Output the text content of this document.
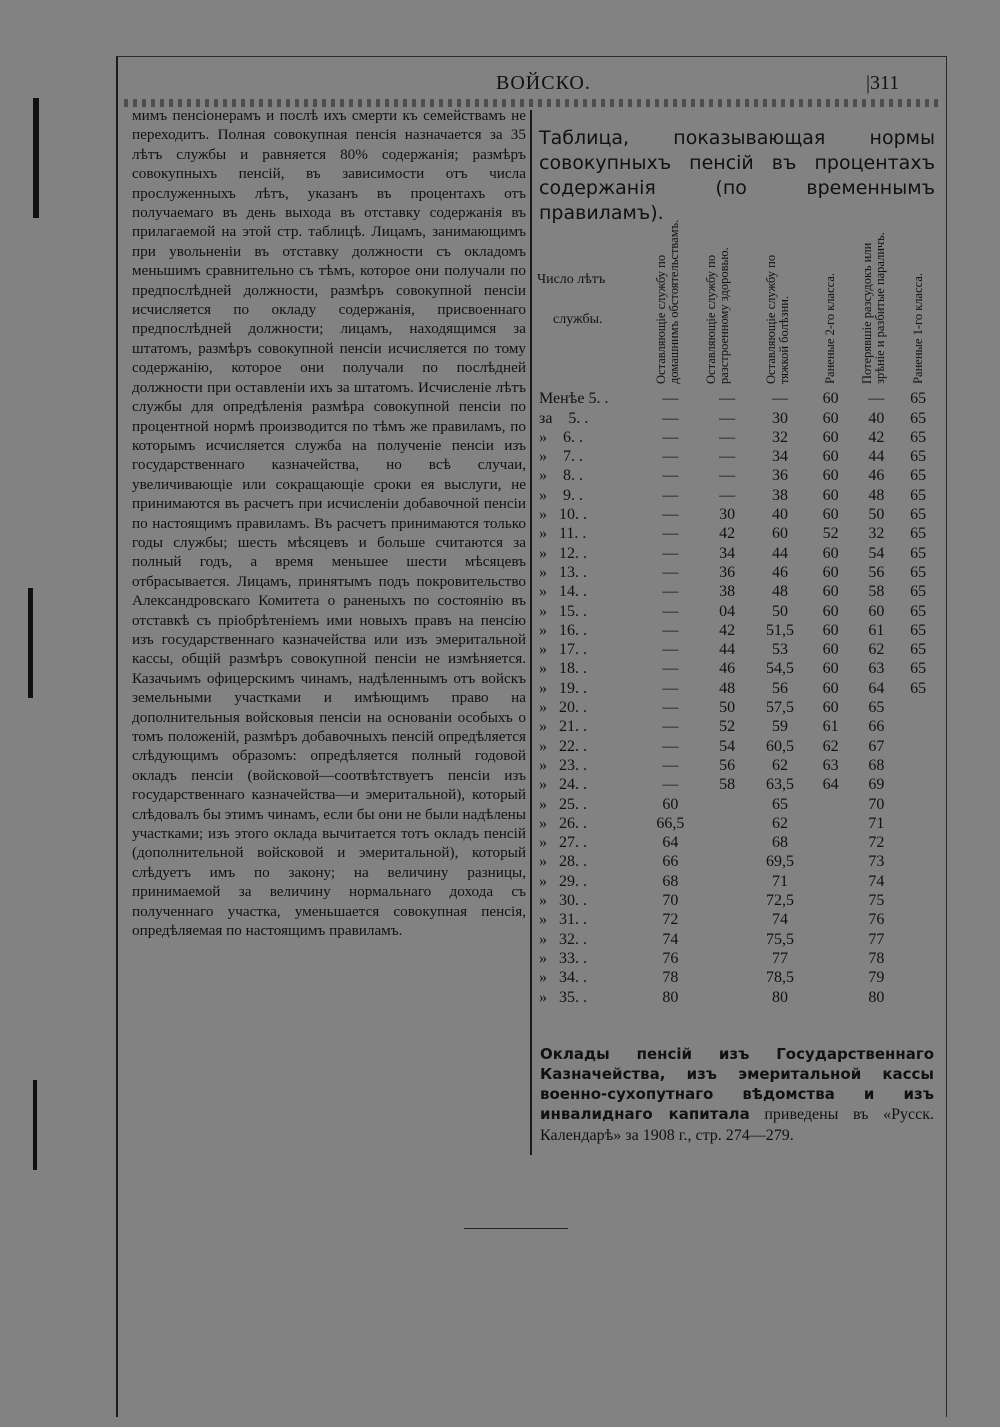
ВОЙСКО.	|311

мимъ пенсіонерамъ и послѣ ихъ смерти къ семействамъ не переходитъ. Полная совокупная пенсія назначается за 35 лѣтъ службы и равняется 80% содержанія; размѣръ совокупныхъ пенсій, въ зависимости отъ числа прослуженныхъ лѣтъ, указанъ въ процентахъ отъ получаемаго въ день выхода въ отставку содержанія въ прилагаемой на этой стр. таблицѣ. Лицамъ, занимающимъ при увольненіи въ отставку должности съ окладомъ меньшимъ сравнительно съ тѣмъ, которое они получали по предпослѣдней должности, размѣръ совокупной пенсіи исчисляется по окладу содержанія, присвоеннаго предпослѣдней должности; лицамъ, находящимся за штатомъ, размѣръ совокупной пенсіи исчисляется по тому содержанію, которое они получали по послѣдней должности при оставленіи ихъ за штатомъ. Исчисленіе лѣтъ службы для опредѣленія размѣра совокупной пенсіи по процентной нормѣ производится по тѣмъ же правиламъ, по которымъ исчисляется служба на полученіе пенсіи изъ государственнаго казначейства, но всѣ случаи, увеличивающіе или сокращающіе сроки ея выслуги, не принимаются въ расчетъ при исчисленіи добавочной пенсіи по настоящимъ правиламъ. Въ расчетъ принимаются только годы службы; шесть мѣсяцевъ и больше считаются за полный годъ, а время меньшее шести мѣсяцевъ отбрасывается. Лицамъ, принятымъ подъ покровительство Александровскаго Комитета о раненыхъ по состоянію въ отставкѣ съ пріобрѣтеніемъ ими новыхъ правъ на пенсію изъ государственнаго казначейства или изъ эмеритальной кассы, общій размѣръ совокупной пенсіи не измѣняется. Казачьимъ офицерскимъ чинамъ, надѣленнымъ отъ войскъ земельными участками и имѣющимъ право на дополнительныя войсковыя пенсіи на основаніи особыхъ о томъ положеній, размѣръ добавочныхъ пенсій опредѣляется слѣдующимъ образомъ: опредѣляется полный годовой окладъ пенсіи (войсковой—соотвѣтствуетъ пенсіи изъ государственнаго казначейства—и эмеритальной), который слѣдовалъ бы этимъ чинамъ, если бы они не были надѣлены участками; изъ этого оклада вычитается тотъ окладъ пенсій (дополнительной войсковой и эмеритальной), который слѣдуетъ имъ по закону; на величину разницы, принимаемой за величину нормальнаго дохода съ полученнаго участка, уменьшается совокупная пенсія, опредѣляемая по настоящимъ правиламъ.

Таблица, показывающая нормы совокупныхъ пенсій въ процентахъ содержанія (по временнымъ правиламъ).
Число лѣтъ
службы.	Оставляющіе службу по домашнимъ обстоятельствамъ.	Оставляющіе службу по разстроенному здоровью.	Оставляющіе службу по тяжкой болѣзни.	Раненые 2-го класса.	Потерявшіе разсудокъ или зрѣніе и разбитые параличъ.	Раненые 1-го класса.
Менѣе 5. .	—	—	—	60	—	65
за    5. .	—	—	30	60	40	65
»    6. .	—	—	32	60	42	65
»    7. .	—	—	34	60	44	65
»    8. .	—	—	36	60	46	65
»    9. .	—	—	38	60	48	65
»   10. .	—	30	40	60	50	65
»   11. .	—	42	60	52	32	65
»   12. .	—	34	44	60	54	65
»   13. .	—	36	46	60	56	65
»   14. .	—	38	48	60	58	65
»   15. .	—	04	50	60	60	65
»   16. .	—	42	51,5	60	61	65
»   17. .	—	44	53	60	62	65
»   18. .	—	46	54,5	60	63	65
»   19. .	—	48	56	60	64	65
»   20. .	—	50	57,5	60	65	
»   21. .	—	52	59	61	66	
»   22. .	—	54	60,5	62	67	
»   23. .	—	56	62	63	68	
»   24. .	—	58	63,5	64	69	
»   25. .	60		65		70	
»   26. .	66,5		62		71	
»   27. .	64		68		72	
»   28. .	66		69,5		73	
»   29. .	68		71		74	
»   30. .	70		72,5		75	
»   31. .	72		74		76	
»   32. .	74		75,5		77	
»   33. .	76		77		78	
»   34. .	78		78,5		79	
»   35. .	80		80		80	
Оклады пенсій изъ Государственнаго Казначейства, изъ эмеритальной кассы военно-сухопутнаго вѣдомства и изъ инвалиднаго капитала приведены въ «Русск. Календарѣ» за 1908 г., стр. 274—279.
